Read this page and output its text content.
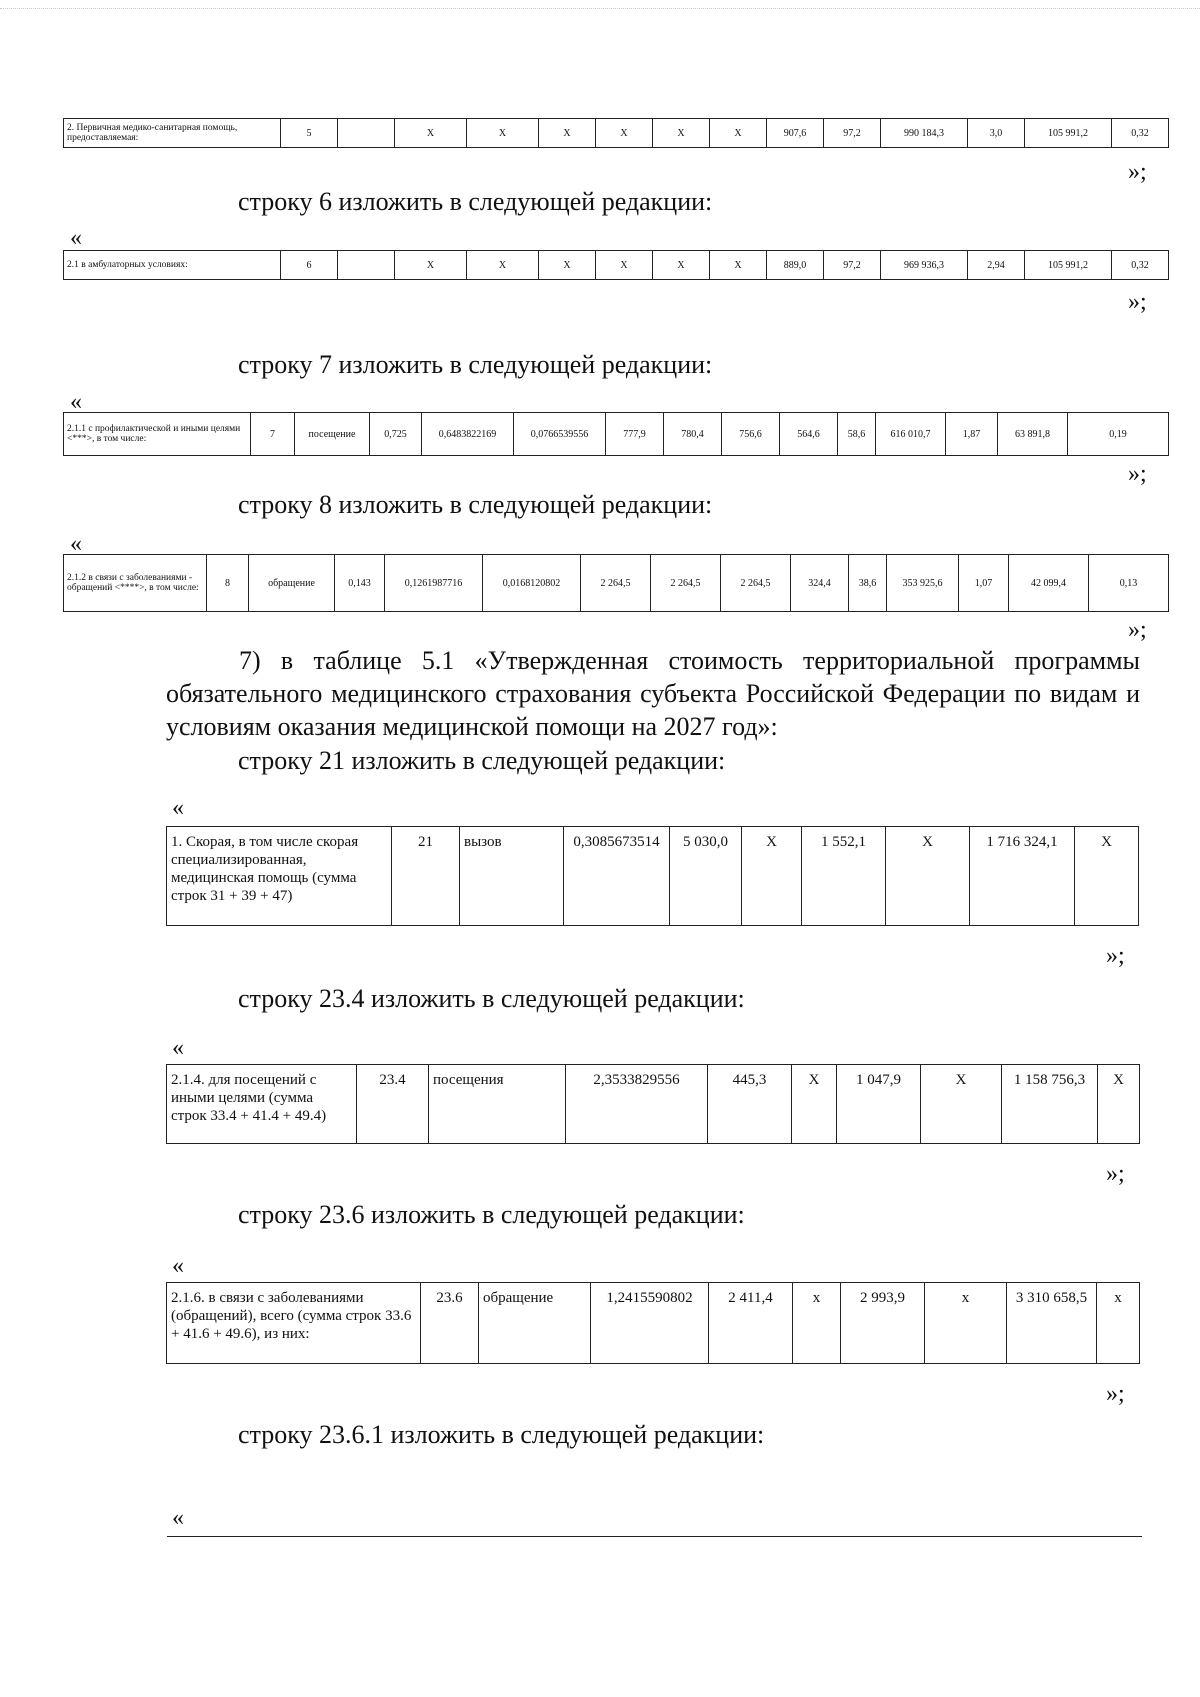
2. Первичная медико-санитарная помощь, предоставляемая:	5		X	X	X	X	X	X	907,6	97,2	990 184,3	3,0	105 991,2	0,32
»;
строку 6 изложить в следующей редакции:
«
2.1 в амбулаторных условиях:	6		X	X	X	X	X	X	889,0	97,2	969 936,3	2,94	105 991,2	0,32
»;
строку 7 изложить в следующей редакции:
«
2.1.1 с профилактической и иными целями <***>, в том числе:	7	посещение	0,725	0,6483822169	0,0766539556	777,9	780,4	756,6	564,6	58,6	616 010,7	1,87	63 891,8	0,19
»;
строку 8 изложить в следующей редакции:
«
2.1.2 в связи с заболеваниями - обращений <****>, в том числе:	8	обращение	0,143	0,1261987716	0,0168120802	2 264,5	2 264,5	2 264,5	324,4	38,6	353 925,6	1,07	42 099,4	0,13
»;
7) в таблице 5.1 «Утвержденная стоимость территориальной программы обязательного медицинского страхования субъекта Российской Федерации по видам и условиям оказания медицинской помощи на 2027 год»:
строку 21 изложить в следующей редакции:
«
1. Скорая, в том числе скорая специализированная, медицинская помощь (сумма строк 31 + 39 + 47)	21	вызов	0,3085673514	5 030,0	X	1 552,1	X	1 716 324,1	X
»;
строку 23.4 изложить в следующей редакции:
«
2.1.4. для посещений с иными целями (сумма строк 33.4 + 41.4 + 49.4)	23.4	посещения	2,3533829556	445,3	X	1 047,9	X	1 158 756,3	X
»;
строку 23.6 изложить в следующей редакции:
«
2.1.6. в связи с заболеваниями (обращений), всего (сумма строк 33.6 + 41.6 + 49.6), из них:	23.6	обращение	1,2415590802	2 411,4	x	2 993,9	x	3 310 658,5	x
»;
строку 23.6.1 изложить в следующей редакции:
«
